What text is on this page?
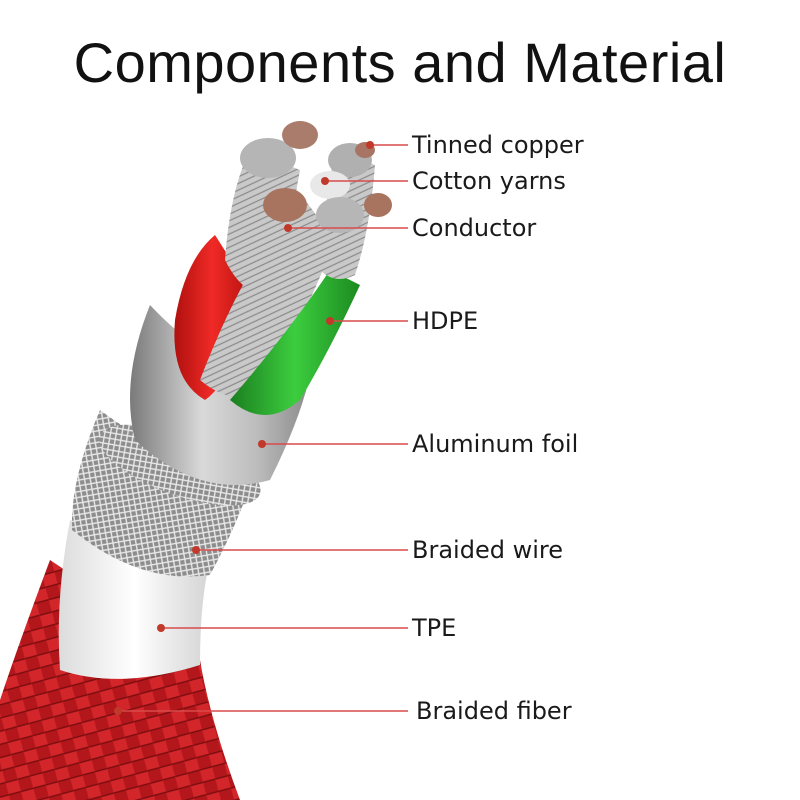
Components and Material
Tinned copper
Cotton yarns
Conductor
HDPE
Aluminum foil
Braided wire
TPE
Braided fiber
